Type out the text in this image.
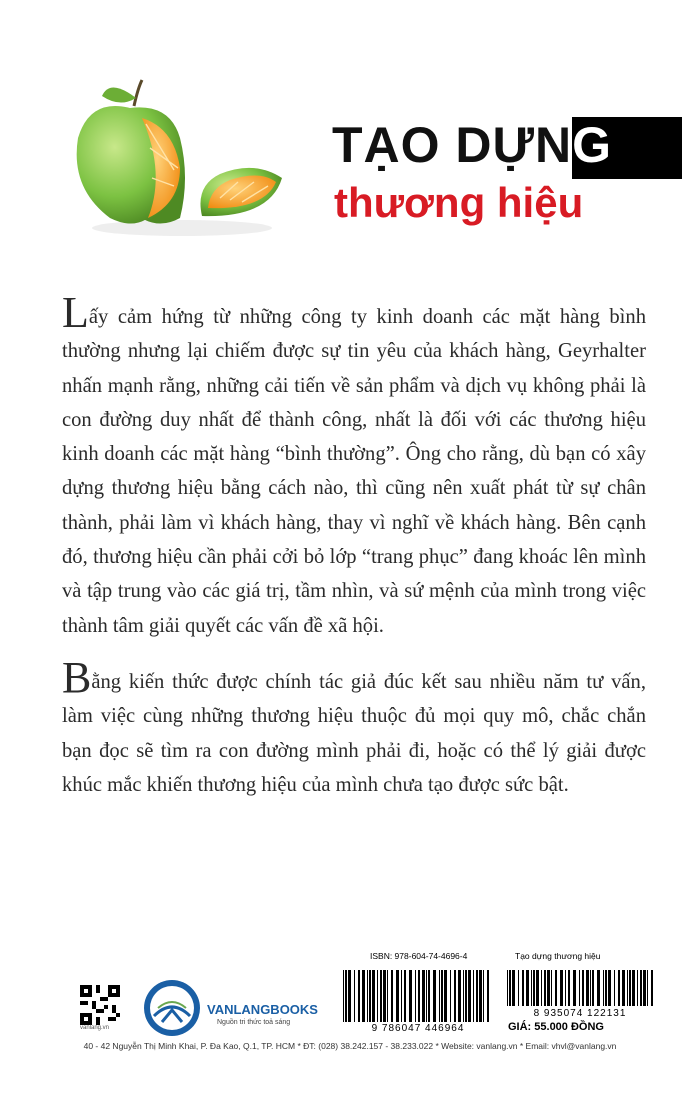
TẠO DỰNG
thương hiệu

Lấy cảm hứng từ những công ty kinh doanh các mặt hàng bình thường nhưng lại chiếm được sự tin yêu của khách hàng, Geyrhalter nhấn mạnh rằng, những cải tiến về sản phẩm và dịch vụ không phải là con đường duy nhất để thành công, nhất là đối với các thương hiệu kinh doanh các mặt hàng “bình thường”. Ông cho rằng, dù bạn có xây dựng thương hiệu bằng cách nào, thì cũng nên xuất phát từ sự chân thành, phải làm vì khách hàng, thay vì nghĩ về khách hàng. Bên cạnh đó, thương hiệu cần phải cởi bỏ lớp “trang phục” đang khoác lên mình và tập trung vào các giá trị, tầm nhìn, và sứ mệnh của mình trong việc thành tâm giải quyết các vấn đề xã hội.

Bằng kiến thức được chính tác giả đúc kết sau nhiều năm tư vấn, làm việc cùng những thương hiệu thuộc đủ mọi quy mô, chắc chắn bạn đọc sẽ tìm ra con đường mình phải đi, hoặc có thể lý giải được khúc mắc khiến thương hiệu của mình chưa tạo được sức bật.

vanlang.vn
VANLANGBOOKS
Nguồn tri thức toả sáng
ISBN: 978-604-74-4696-4
9 786047 446964
Tạo dựng thương hiệu
8 935074 122131
GIÁ: 55.000 ĐỒNG
40 - 42 Nguyễn Thị Minh Khai, P. Đa Kao, Q.1, TP. HCM * ĐT: (028) 38.242.157 - 38.233.022 * Website: vanlang.vn * Email: vhvl@vanlang.vn
